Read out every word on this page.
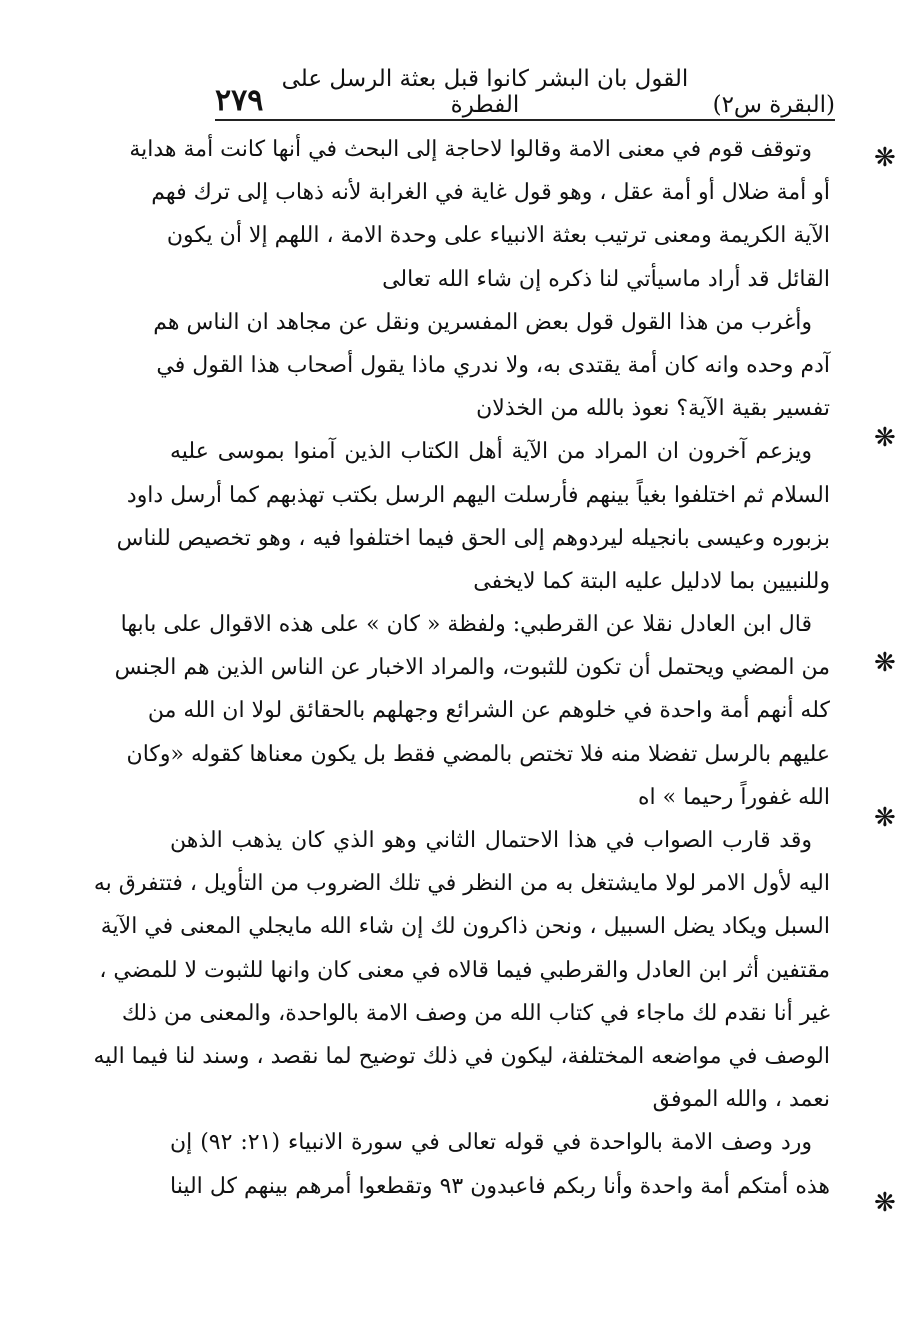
(البقرة س٢)
القول بان البشر كانوا قبل بعثة الرسل على الفطرة
٢٧٩
وتوقف قوم في معنى الامة وقالوا لاحاجة إلى البحث في أنها كانت أمة هداية
أو أمة ضلال أو أمة عقل ، وهو قول غاية في الغرابة لأنه ذهاب إلى ترك فهم
الآية الكريمة ومعنى ترتيب بعثة الانبياء على وحدة الامة ، اللهم إلا أن يكون
القائل قد أراد ماسيأتي لنا ذكره إن شاء الله تعالى
وأغرب من هذا القول قول بعض المفسرين ونقل عن مجاهد ان الناس هم
آدم وحده وانه كان أمة يقتدى به، ولا ندري ماذا يقول أصحاب هذا القول في
تفسير بقية الآية؟ نعوذ بالله من الخذلان
ويزعم آخرون ان المراد من الآية أهل الكتاب الذين آمنوا بموسى عليه
السلام ثم اختلفوا بغياً بينهم فأرسلت اليهم الرسل بكتب تهذبهم كما أرسل داود
بزبوره وعيسى بانجيله ليردوهم إلى الحق فيما اختلفوا فيه ، وهو تخصيص للناس
وللنبيين بما لادليل عليه البتة كما لايخفى
قال ابن العادل نقلا عن القرطبي: ولفظة « كان » على هذه الاقوال على بابها
من المضي ويحتمل أن تكون للثبوت، والمراد الاخبار عن الناس الذين هم الجنس
كله أنهم أمة واحدة في خلوهم عن الشرائع وجهلهم بالحقائق لولا ان الله من
عليهم بالرسل تفضلا منه فلا تختص بالمضي فقط بل يكون معناها كقوله «وكان
الله غفوراً رحيما » اه
وقد قارب الصواب في هذا الاحتمال الثاني وهو الذي كان يذهب الذهن
اليه لأول الامر لولا مايشتغل به من النظر في تلك الضروب من التأويل ، فتتفرق به
السبل ويكاد يضل السبيل ، ونحن ذاكرون لك إن شاء الله مايجلي المعنى في الآية
مقتفين أثر ابن العادل والقرطبي فيما قالاه في معنى كان وانها للثبوت لا للمضي ،
غير أنا نقدم لك ماجاء في كتاب الله من وصف الامة بالواحدة، والمعنى من ذلك
الوصف في مواضعه المختلفة، ليكون في ذلك توضيح لما نقصد ، وسند لنا فيما اليه
نعمد ، والله الموفق
ورد وصف الامة بالواحدة في قوله تعالى في سورة الانبياء (٢١: ٩٢) إن
هذه أمتكم أمة واحدة وأنا ربكم فاعبدون ٩٣ وتقطعوا أمرهم بينهم كل الينا
❋
❋
❋
❋
❋
